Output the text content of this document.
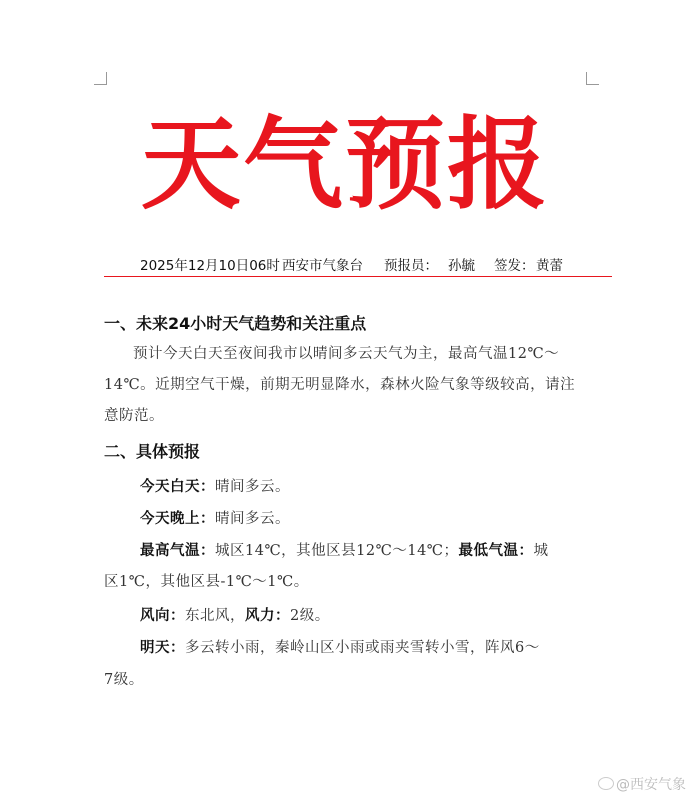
天气预报
2025年12月10日06时 西安市气象台 预报员： 孙毓 签发： 黄蕾
一、未来24小时天气趋势和关注重点

预计今天白天至夜间我市以晴间多云天气为主，最高气温12℃～14℃。近期空气干燥，前期无明显降水，森林火险气象等级较高，请注意防范。

二、具体预报
今天白天：晴间多云。
今天晚上：晴间多云。
最高气温：城区14℃，其他区县12℃～14℃；最低气温：城
区1℃，其他区县-1℃～1℃。
风向：东北风，风力：2级。
明天：多云转小雨，秦岭山区小雨或雨夹雪转小雪，阵风6～
7级。
@西安气象
